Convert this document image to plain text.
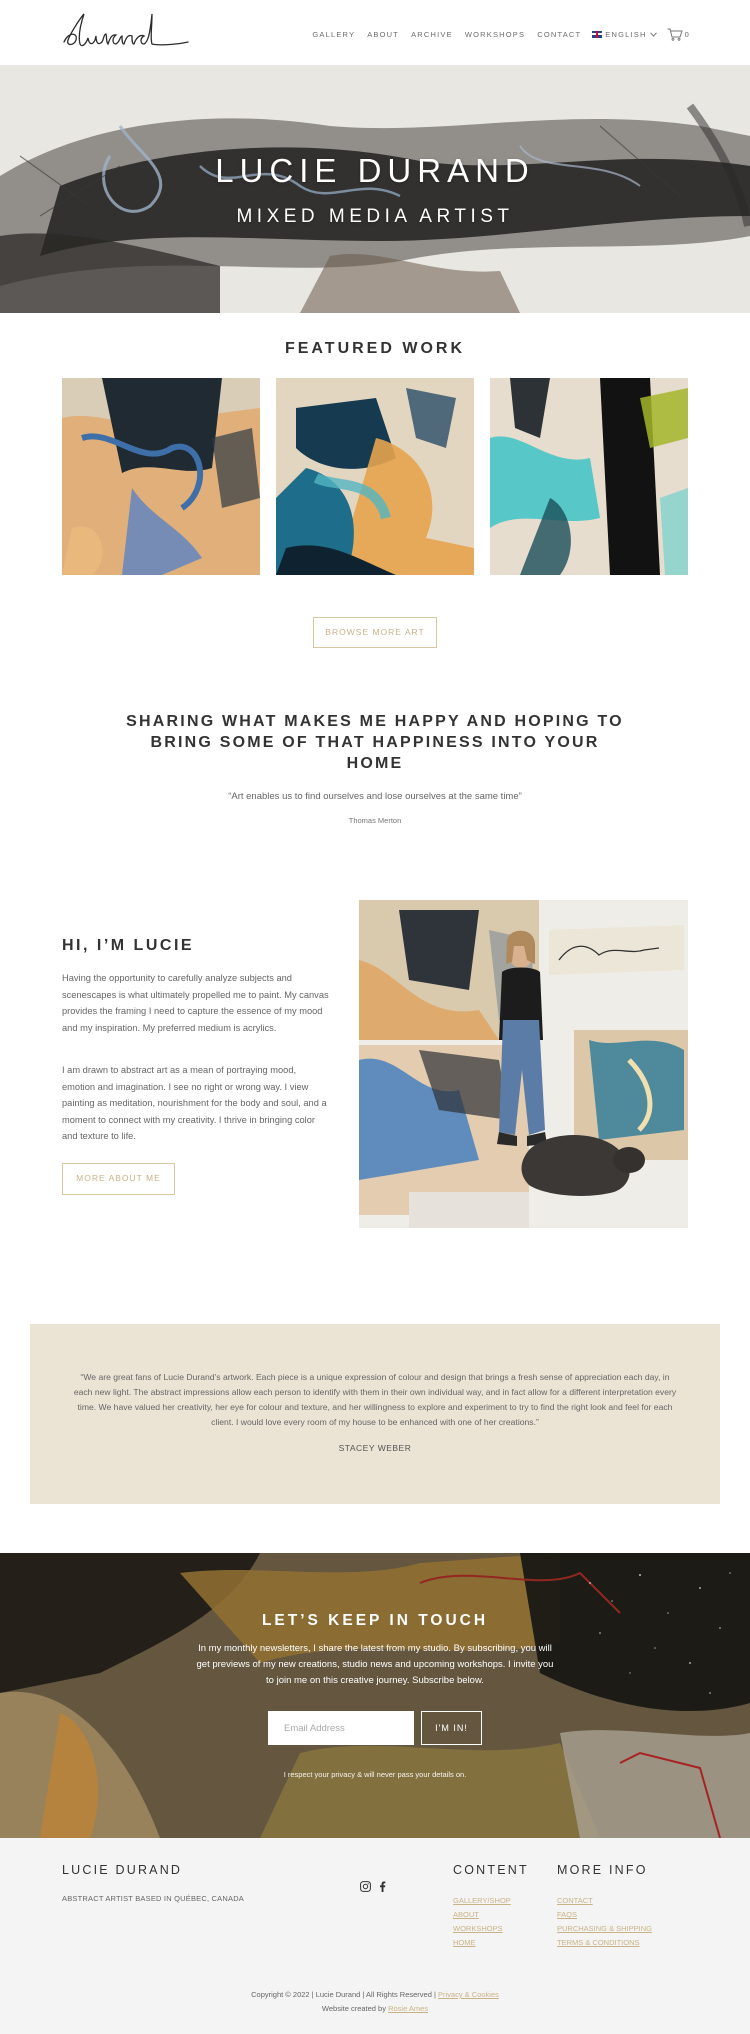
GALLERY ABOUT ARCHIVE WORKSHOPS CONTACT	ENGLISH	0
LUCIE DURAND
MIXED MEDIA ARTIST
FEATURED WORK
BROWSE MORE ART
SHARING WHAT MAKES ME HAPPY AND HOPING TO BRING SOME OF THAT HAPPINESS INTO YOUR HOME

“Art enables us to find ourselves and lose ourselves at the same time”

Thomas Merton

HI, I’M LUCIE

Having the opportunity to carefully analyze subjects and scenescapes is what ultimately propelled me to paint. My canvas provides the framing I need to capture the essence of my mood and my inspiration. My preferred medium is acrylics.

I am drawn to abstract art as a mean of portraying mood, emotion and imagination. I see no right or wrong way. I view painting as meditation, nourishment for the body and soul, and a moment to connect with my creativity. I thrive in bringing color and texture to life.

MORE ABOUT ME

“We are great fans of Lucie Durand’s artwork. Each piece is a unique expression of colour and design that brings a fresh sense of appreciation each day, in each new light. The abstract impressions allow each person to identify with them in their own individual way, and in fact allow for a different interpretation every time. We have valued her creativity, her eye for colour and texture, and her willingness to explore and experiment to try to find the right look and feel for each client. I would love every room of my house to be enhanced with one of her creations.”

STACEY WEBER

LET’S KEEP IN TOUCH

In my monthly newsletters, I share the latest from my studio. By subscribing, you will get previews of my new creations, studio news and upcoming workshops. I invite you to join me on this creative journey. Subscribe below.

Email Address
I'M IN!

I respect your privacy & will never pass your details on.

LUCIE DURAND
ABSTRACT ARTIST BASED IN QUÉBEC, CANADA
CONTENT
GALLERY/SHOP
ABOUT
WORKSHOPS
HOME
MORE INFO
CONTACT
FAQS
PURCHASING & SHIPPING
TERMS & CONDITIONS
Copyright © 2022 | Lucie Durand | All Rights Reserved | Privacy & Cookies
Website created by Rosie Ames
